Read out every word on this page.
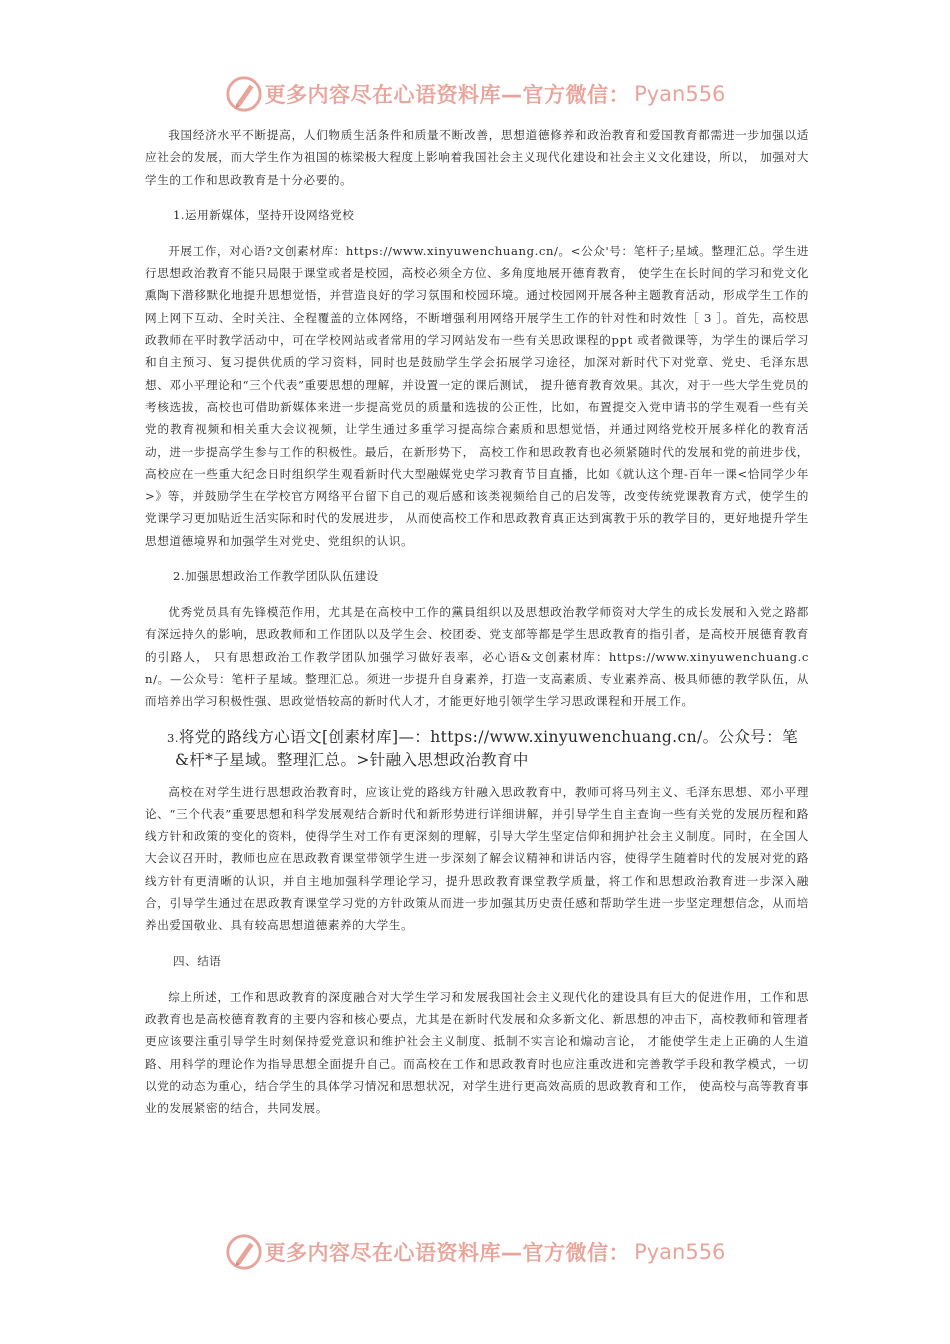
更多内容尽在心语资料库—官方微信： Pyan556

我国经济水平不断提高，人们物质生活条件和质量不断改善，思想道德修养和政治教育和爱国教育都需进一步加强以适应社会的发展，而大学生作为祖国的栋梁极大程度上影响着我国社会主义现代化建设和社会主义文化建设，所以， 加强对大学生的工作和思政教育是十分必要的。

1.运用新媒体，坚持开设网络党校

开展工作，对心语?文创素材库：https://www.xinyuwenchuang.cn/。<公众'号：笔杆子;星域。整理汇总。学生进行思想政治教育不能只局限于课堂或者是校⁣园，高校必须全方位、多角度地展开德育教育， 使学生在长时间的学习和党文化熏陶下潜移默化地提升思想觉悟，并营造良好的学习氛围和校⁣园环境。通过校⁣园网开展各种主题教育活动，形成学生工作的网上网下互动、全时关注、全程覆盖的立体网络，不断增强利用网络开展学生工作的针对性和时效性［ 3 ］。首先，高校思政教师在平时教学活动中，可在学校网站或者常用的学习网站发布一些有关思政课程的ppt 或者微课等，为学生的课后学习和自主预习、复习提供优质的学习资料，同时也是鼓励学生学会拓展学习途径，加深对新时代下对党章、党史、毛泽东思想、邓小平理论和“三个代表”重要思想的理解，并设置一定的课后测试， 提升德育教育效果。其次，对于一些大学生党员的考核选拔，高校也可借助新媒体来进一步提高党员的质量和选拔的公正性，比如，布置提交入党申请书的学生观看一些有关党的教育视频和相关重大会议视频，让学生通过多重学习提高综合素质和思想觉悟，并通过网络党校开展多样化的教育活动，进一步提高学生参与工作的积极性。最后，在新形势下， 高校工作和思政教育也必须紧随时代的发展和党的前进步伐，高校应在一些重大纪念日时组织学生观看新时代大型融媒党史学习教育节目直播，比如《就认这个理-百年一课<恰同学少年>》等，并鼓励学生在学校官方网络平台留下自己的观后感和该类视频给自己的启发等，改变传统党课教育方式，使学生的党课学习更加贴近生活实际和时代的发展进步， 从而使高校工作和思政教育真正达到寓教于乐的教学目的，更好地提升学生思想道德境界和加强学生对党史、党组织的认识。

2.加强思想政治工作教学团队队伍建设

优秀党员具有先锋模范作用，尤其是在高校中工作的黨員组织以及思想政治教学师资对大学生的成长发展和入党之路都有深远持久的影响，思政教师和工作团队以及学生会、校团委、党支部等都是学生思政教育的指引者，是高校开展德育教育的引路人， 只有思想政治工作教学团队加强学习做好表率，必心语&文创素材库：https://www.xinyuwenchuang.cn/。—公众号：笔杆子星域。整理汇总。须进一步提升自身素养，打造一支高素质、专业素养高、极具师德的教学队伍，从而培养出学习积极性强、思政觉悟较高的新时代人才，才能更好地引领学生学习思政课程和开展工作。

3.将党的路线方心语文[创素材库]—：https://www.xinyuwenchuang.cn/。公众号：笔&杆*子星域。整理汇总。>针融入思想政治教育中

高校在对学生进行思想政治教育时，应该让党的路线方针融入思政教育中，教师可将马列主义、毛泽东思想、邓小平理论、“三个代表”重要思想和科学发展观结合新时代和新形势进行详细讲解，并引导学生自主查询一些有关党的发展历程和路线方针和政策的变化的资料，使得学生对工作有更深刻的理解，引导大学生坚定信仰和拥护社会主义制度。同时，在全国人大会议召开时，教师也应在思政教育课堂带领学生进一步深刻了解会议精神和讲话内容，使得学生随着时代的发展对党的路线方针有更清晰的认识，并自主地加强科学理论学习，提升思政教育课堂教学质量，将工作和思想政治教育进一步深入融合，引导学生通过在思政教育课堂学习党的方针政策从而进一步加强其历史责任感和帮助学生进一步坚定理想信念，从而培养出爱国敬业、具有较高思想道德素养的大学生。

四、结语

综上所述，工作和思政教育的深度融合对大学生学习和发展我国社会主义现代化的建设具有巨大的促进作用，工作和思政教育也是高校德育教育的主要内容和核心要点，尤其是在新时代发展和众多新文化、新思想的冲击下，高校教师和管理者更应该要注重引导学生时刻保持爱党意识和维护社会主义制度、抵制不实言论和煽动言论， 才能使学生走上正确的人生道路、用科学的理论作为指导思想全面提升自己。而高校在工作和思政教育时也应注重改进和完善教学手段和教学模式，一切以党的动态为重心，结合学生的具体学习情况和思想状况，对学生进行更高效高质的思政教育和工作， 使高校与高等教育事业的发展紧密的结合，共同发展。

更多内容尽在心语资料库—官方微信： Pyan556
